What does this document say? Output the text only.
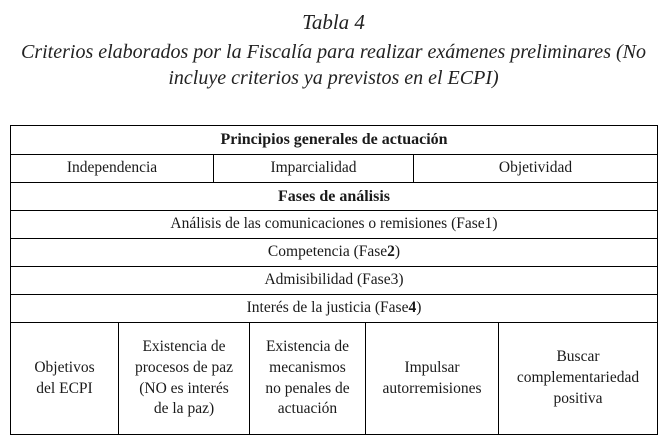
Tabla 4
Criterios elaborados por la Fiscalía para realizar exámenes preliminares (No
incluye criterios ya previstos en el ECPI)
Principios generales de actuación
Independencia	Imparcialidad	Objetividad
Fases de análisis
Análisis de las comunicaciones o remisiones (Fase 1 )
Competencia (Fase 2 )
Admisibilidad (Fase 3 )
Interés de la justicia (Fase 4 )
Objetivos
del ECPI
Existencia de
procesos de paz
(NO es interés
de la paz)
Existencia de
mecanismos
no penales de
actuación
Impulsar
autorremisiones
Buscar
complementariedad
positiva
